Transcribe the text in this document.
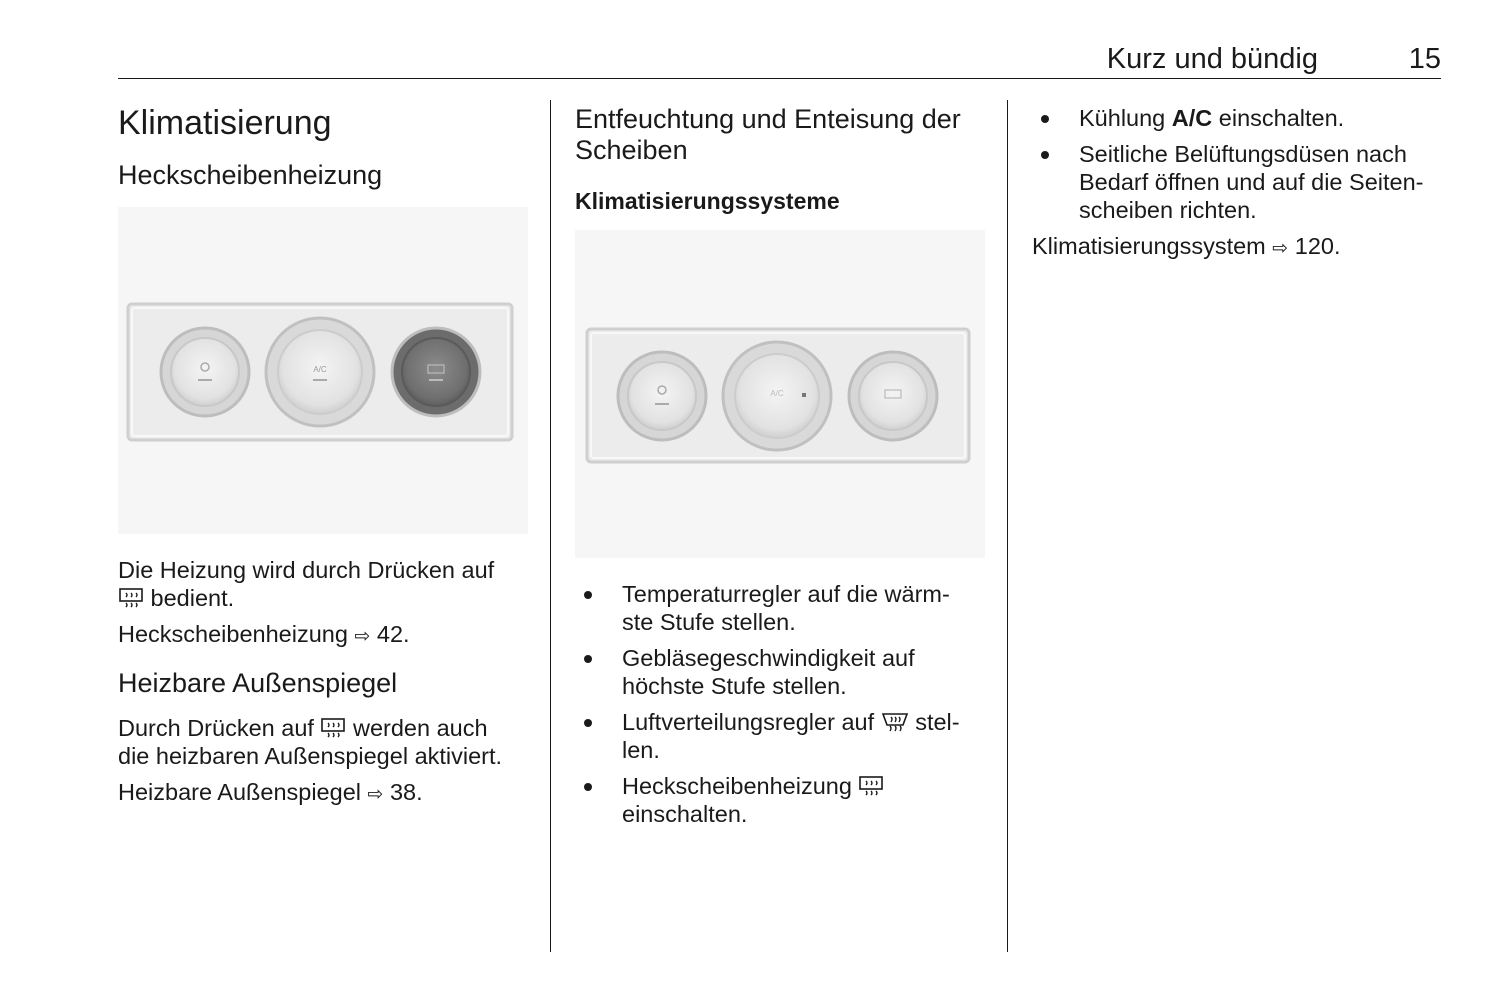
Kurz und bündig	15
Klimatisierung
Heckscheibenheizung
A/C
Die Heizung wird durch Drücken auf
bedient.
Heckscheibenheizung ⇨ 42.
Heizbare Außenspiegel
Durch Drücken auf werden auch
die heizbaren Außenspiegel aktiviert.
Heizbare Außenspiegel ⇨ 38.
Entfeuchtung und Enteisung der Scheiben
Klimatisierungssysteme
A/C
Temperaturregler auf die wärm-
ste Stufe stellen.
Gebläsegeschwindigkeit auf
höchste Stufe stellen.
Luftverteilungsregler auf stel-
len.
Heckscheibenheizung
einschalten.
Kühlung A/C einschalten.
Seitliche Belüftungsdüsen nach
Bedarf öffnen und auf die Seiten-
scheiben richten.
Klimatisierungssystem ⇨ 120.
